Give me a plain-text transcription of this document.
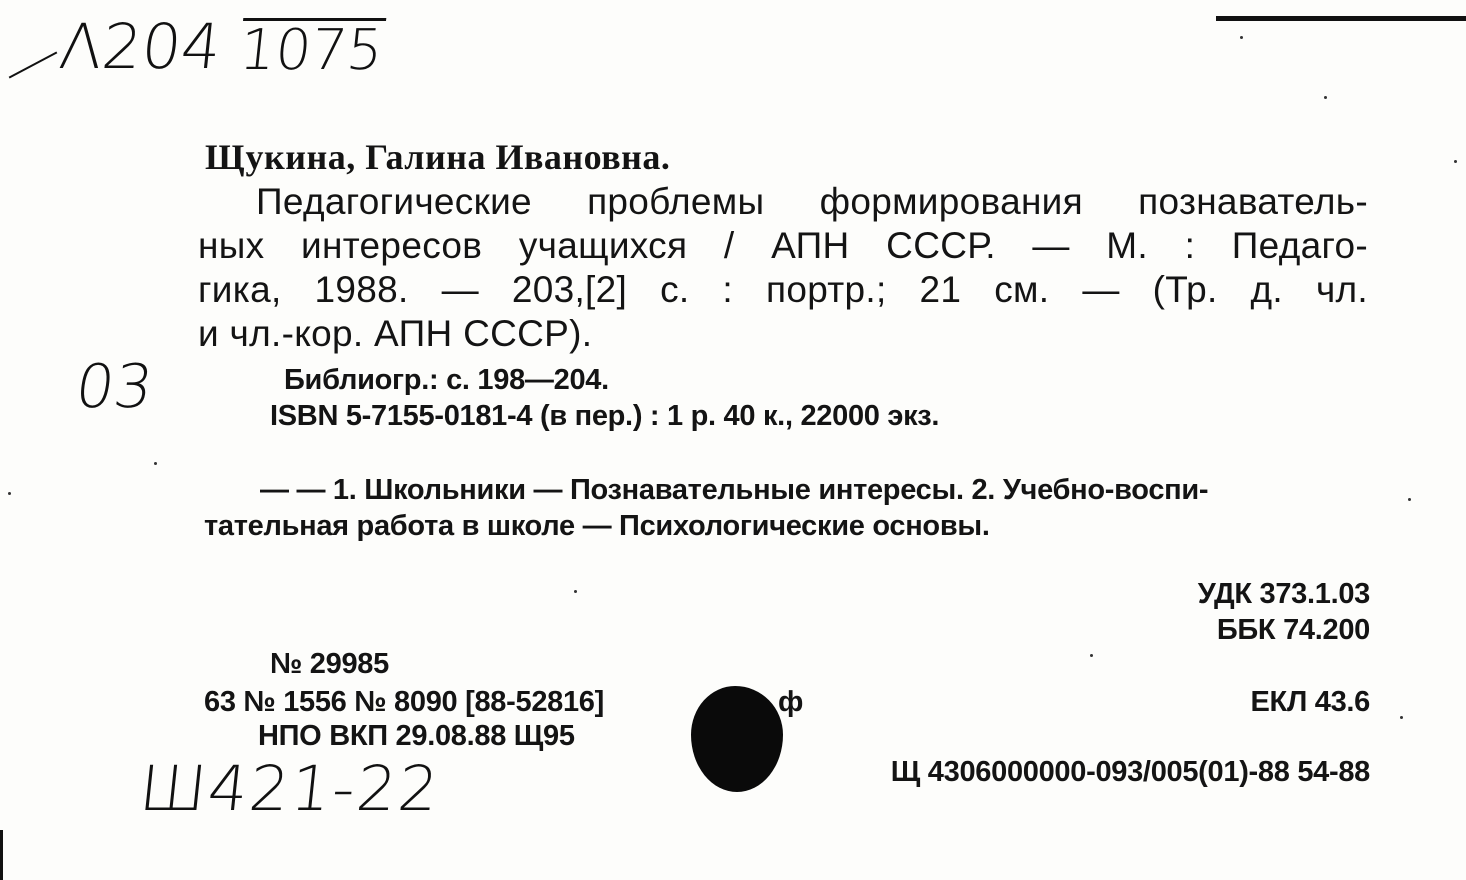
Λ204 1075
Щукина, Галина Ивановна.
Педагогические проблемы формирования познаватель-
ных интересов учащихся / АПН СССР. — М. : Педаго-
гика, 1988. — 203,[2] с. : портр.; 21 см. — (Тр. д. чл.
и чл.-кор. АПН СССР).
03	Библиогр.: с. 198—204.
ISBN 5-7155-0181-4 (в пер.) : 1 р. 40 к., 22000 экз.
— — 1. Школьники — Познавательные интересы. 2. Учебно-воспи-
тательная работа в школе — Психологические основы.
УДК 373.1.03
ББК 74.200
ЕКЛ 43.6
Щ 4306000000-093/005(01)-88 54-88
№ 29985
63 № 1556 № 8090 [88-52816]	ф
НПО ВКП 29.08.88 Щ95
Ш421-22
